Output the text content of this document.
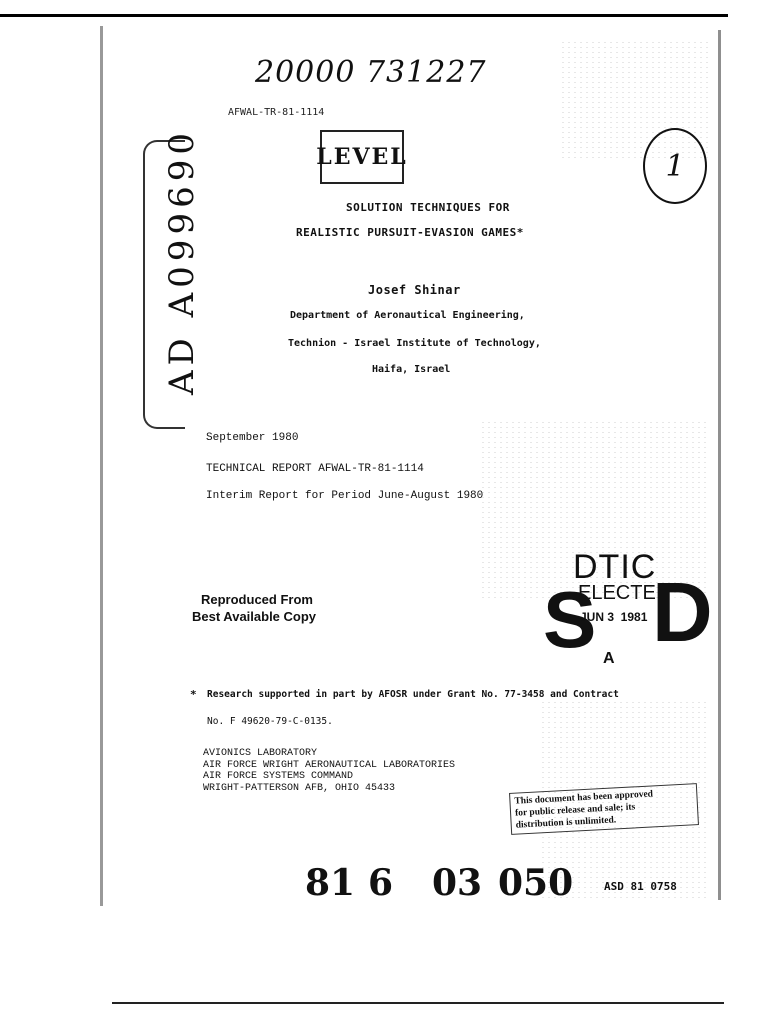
20000 731227
AFWAL-TR-81-1114
LEVEL	1
AD A099690	SOLUTION TECHNIQUES FOR
REALISTIC PURSUIT-EVASION GAMES*
Josef Shinar
Department of Aeronautical Engineering,
Technion - Israel Institute of Technology,
Haifa, Israel
September 1980
TECHNICAL REPORT AFWAL-TR-81-1114
Interim Report for Period June-August 1980
Reproduced From
Best Available Copy	S
DTIC
ELECTE
JUN 3  1981
A D
* Research supported in part by AFOSR under Grant No. 77-3458 and Contract
No. F 49620-79-C-0135.
AVIONICS LABORATORY
AIR FORCE WRIGHT AERONAUTICAL LABORATORIES
AIR FORCE SYSTEMS COMMAND
WRIGHT-PATTERSON AFB, OHIO 45433
This document has been approved
for public release and sale; its
distribution is unlimited.
81 6 03 050	ASD 81 0758
